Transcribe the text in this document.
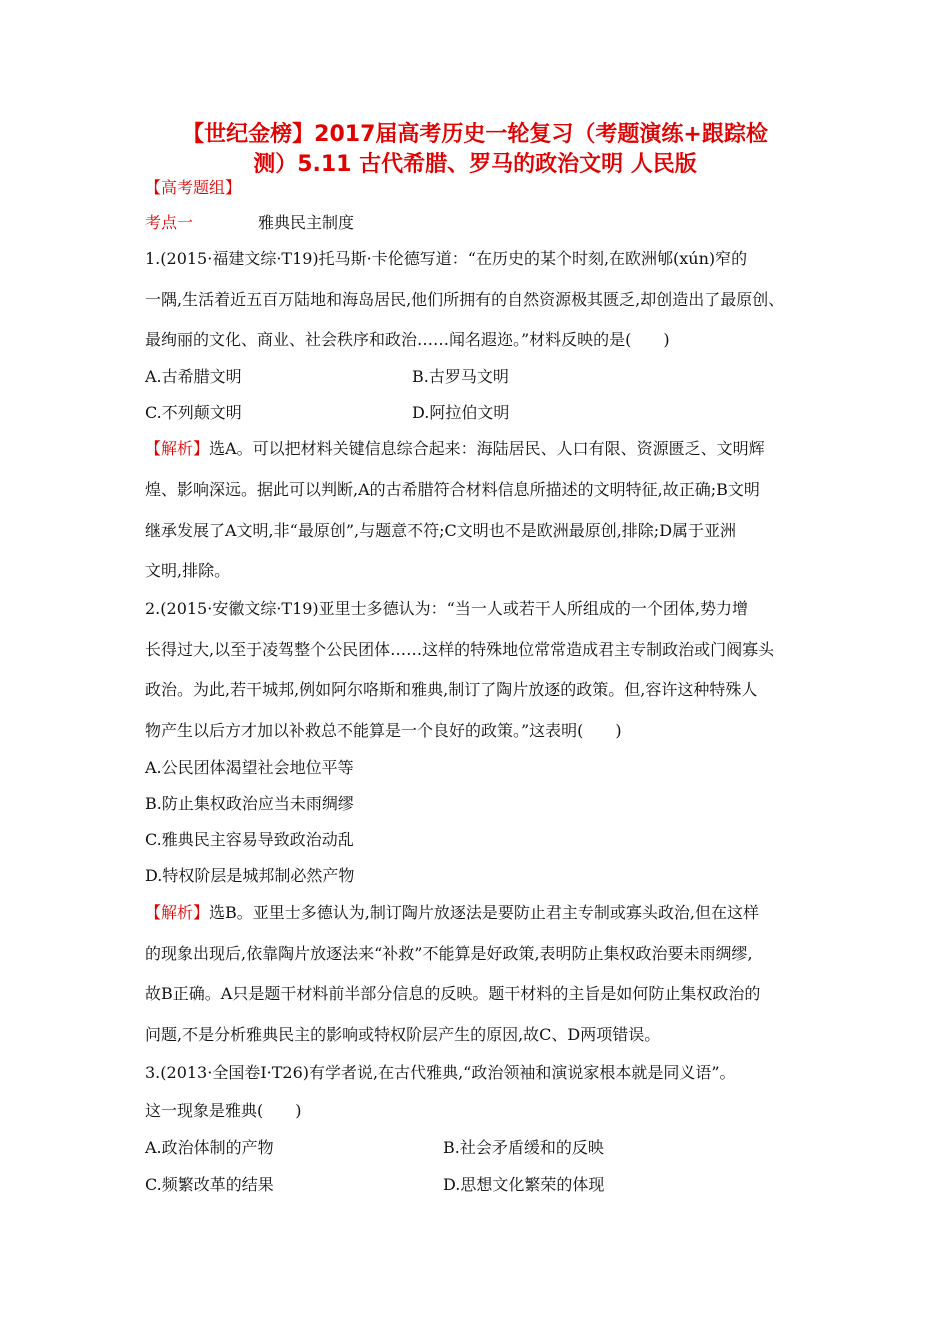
【世纪金榜】2017届高考历史一轮复习（考题演练+跟踪检
测）5.11 古代希腊、罗马的政治文明 人民版
【高考题组】
考点一	雅典民主制度
1.(2015·福建文综·T19)托马斯·卡伦德写道：“在历史的某个时刻,在欧洲郇(xún)窄的
一隅,生活着近五百万陆地和海岛居民,他们所拥有的自然资源极其匮乏,却创造出了最原创、
最绚丽的文化、商业、社会秩序和政治……闻名遐迩。”材料反映的是(　　)
A.古希腊文明	B.古罗马文明
C.不列颠文明	D.阿拉伯文明
【解析】选A。可以把材料关键信息综合起来：海陆居民、人口有限、资源匮乏、文明辉
煌、影响深远。据此可以判断,A的古希腊符合材料信息所描述的文明特征,故正确;B文明
继承发展了A文明,非“最原创”,与题意不符;C文明也不是欧洲最原创,排除;D属于亚洲
文明,排除。
2.(2015·安徽文综·T19)亚里士多德认为：“当一人或若干人所组成的一个团体,势力增
长得过大,以至于凌驾整个公民团体……这样的特殊地位常常造成君主专制政治或门阀寡头
政治。为此,若干城邦,例如阿尔咯斯和雅典,制订了陶片放逐的政策。但,容许这种特殊人
物产生以后方才加以补救总不能算是一个良好的政策。”这表明(　　)
A.公民团体渴望社会地位平等
B.防止集权政治应当未雨绸缪
C.雅典民主容易导致政治动乱
D.特权阶层是城邦制必然产物
【解析】选B。亚里士多德认为,制订陶片放逐法是要防止君主专制或寡头政治,但在这样
的现象出现后,依靠陶片放逐法来“补救”不能算是好政策,表明防止集权政治要未雨绸缪,
故B正确。A只是题干材料前半部分信息的反映。题干材料的主旨是如何防止集权政治的
问题,不是分析雅典民主的影响或特权阶层产生的原因,故C、D两项错误。
3.(2013·全国卷Ⅰ·T26)有学者说,在古代雅典,“政治领袖和演说家根本就是同义语”。
这一现象是雅典(　　)
A.政治体制的产物	B.社会矛盾缓和的反映
C.频繁改革的结果	D.思想文化繁荣的体现
